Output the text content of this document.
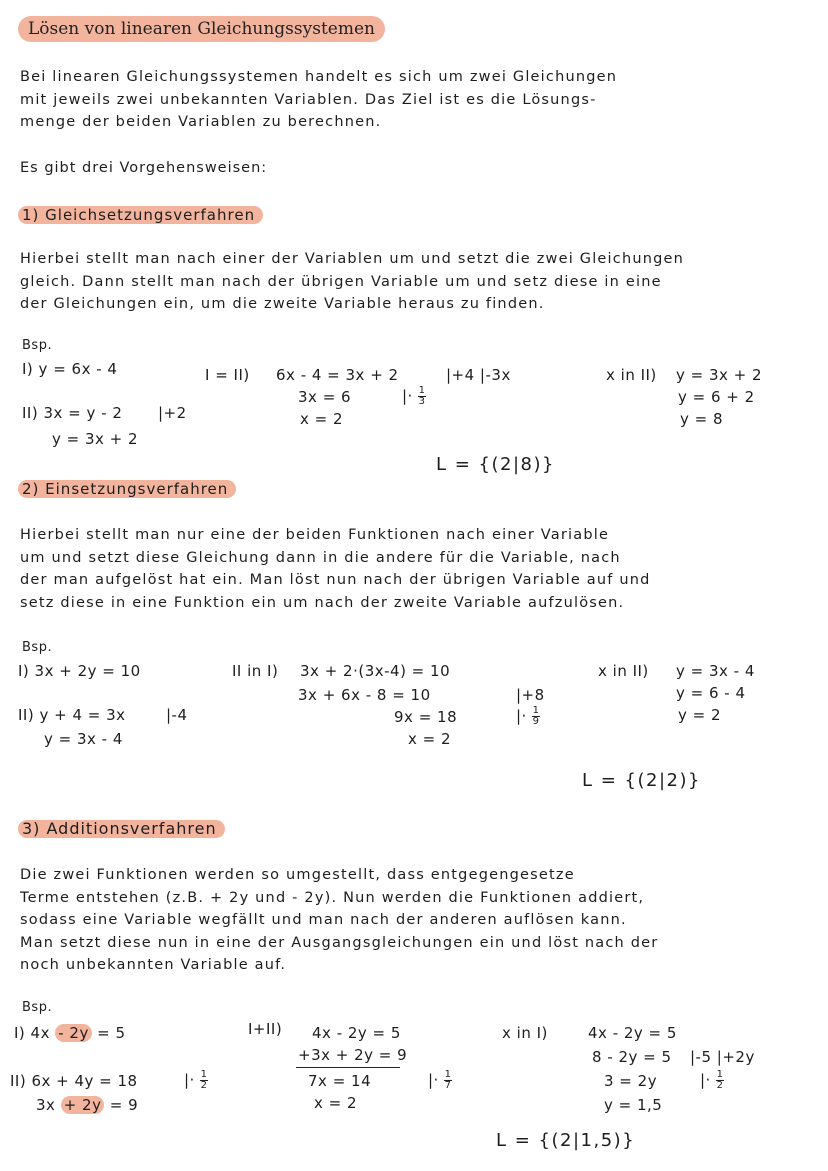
Lösen von linearen Gleichungssystemen
Bei linearen Gleichungssystemen handelt es sich um zwei Gleichungen
mit jeweils zwei unbekannten Variablen. Das Ziel ist es die Lösungs-
menge der beiden Variablen zu berechnen.
Es gibt drei Vorgehensweisen:
1) Gleichsetzungsverfahren
Hierbei stellt man nach einer der Variablen um und setzt die zwei Gleichungen
gleich. Dann stellt man nach der übrigen Variable um und setz diese in eine
der Gleichungen ein, um die zweite Variable heraus zu finden.
Bsp.
I) y = 6x - 4
II) 3x = y - 2 |+2
y = 3x + 2
I = II) 6x - 4 = 3x + 2	|+4 |-3x
3x = 6	|· $\frac{1}{3}$
x = 2
x in II) y = 3x + 2
y = 6 + 2
y = 8
L = {(2|8)}
2) Einsetzungsverfahren
Hierbei stellt man nur eine der beiden Funktionen nach einer Variable
um und setzt diese Gleichung dann in die andere für die Variable, nach
der man aufgelöst hat ein. Man löst nun nach der übrigen Variable auf und
setz diese in eine Funktion ein um nach der zweite Variable aufzulösen.
Bsp.
I) 3x + 2y = 10
II) y + 4 = 3x	|-4
y = 3x - 4
II in I) 3x + 2·(3x-4) = 10
3x + 6x - 8 = 10	|+8
9x = 18	|· $\frac{1}{9}$
x = 2
x in II) y = 3x - 4
y = 6 - 4
y = 2
L = {(2|2)}
3) Additionsverfahren
Die zwei Funktionen werden so umgestellt, dass entgegengesetze
Terme entstehen (z.B. + 2y und - 2y). Nun werden die Funktionen addiert,
sodass eine Variable wegfällt und man nach der anderen auflösen kann.
Man setzt diese nun in eine der Ausgangsgleichungen ein und löst nach der
noch unbekannten Variable auf.
Bsp.
I) 4x - 2y = 5
II) 6x + 4y = 18	|· $\frac{1}{2}$
3x + 2y = 9
I+II) 4x - 2y = 5
+3x + 2y = 9
7x = 14	|· $\frac{1}{7}$
x = 2
x in I)	4x - 2y = 5
8 - 2y = 5 |-5 |+2y
3 = 2y	|· $\frac{1}{2}$
y = 1,5
L = {(2|1,5)}
